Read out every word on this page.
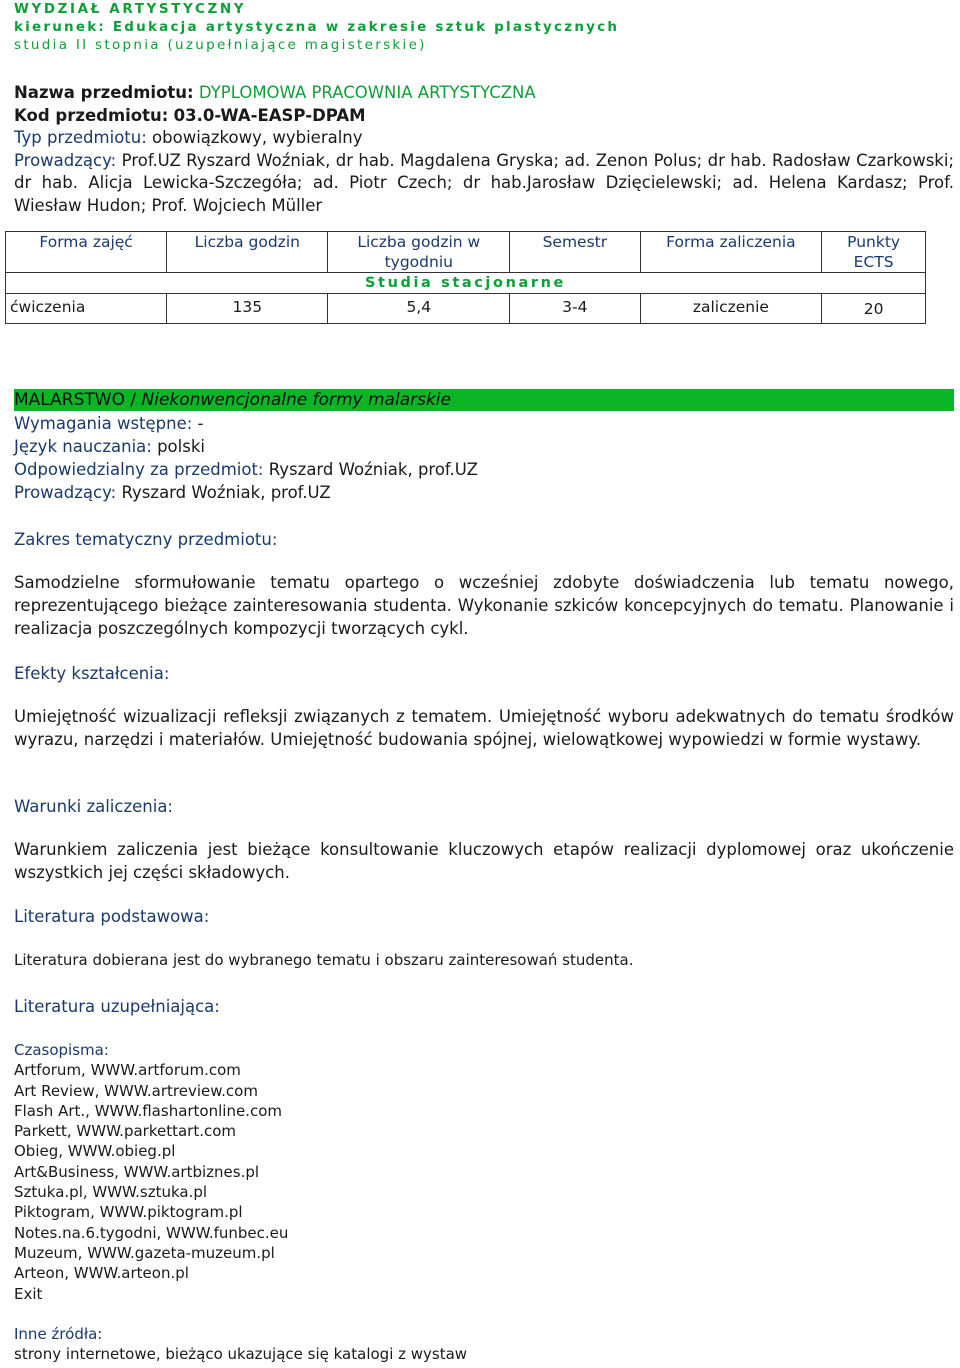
WYDZIAŁ ARTYSTYCZNY
kierunek: Edukacja artystyczna w zakresie sztuk plastycznych
studia II stopnia (uzupełniające magisterskie)
Nazwa przedmiotu: DYPLOMOWA PRACOWNIA ARTYSTYCZNA
Kod przedmiotu: 03.0-WA-EASP-DPAM
Typ przedmiotu: obowiązkowy, wybieralny
Prowadzący: Prof.UZ Ryszard Woźniak, dr hab. Magdalena Gryska; ad. Zenon Polus; dr hab. Radosław Czarkowski; dr hab. Alicja Lewicka-Szczegóła; ad. Piotr Czech; dr hab.Jarosław Dzięcielewski; ad. Helena Kardasz; Prof. Wiesław Hudon; Prof. Wojciech Müller
Forma zajęć	Liczba godzin	Liczba godzin w tygodniu	Semestr	Forma zaliczenia	Punkty ECTS
Studia stacjonarne					
ćwiczenia	135	5,4	3-4	zaliczenie	20
MALARSTWO / Niekonwencjonalne formy malarskie
Wymagania wstępne: -
Język nauczania: polski
Odpowiedzialny za przedmiot: Ryszard Woźniak, prof.UZ
Prowadzący: Ryszard Woźniak, prof.UZ
Zakres tematyczny przedmiotu:

Samodzielne sformułowanie tematu opartego o wcześniej zdobyte doświadczenia lub tematu nowego, reprezentującego bieżące zainteresowania studenta. Wykonanie szkiców koncepcyjnych do tematu. Planowanie i realizacja poszczególnych kompozycji tworzących cykl.

Efekty kształcenia:

Umiejętność wizualizacji refleksji związanych z tematem. Umiejętność wyboru adekwatnych do tematu środków wyrazu, narzędzi i materiałów. Umiejętność budowania spójnej, wielowątkowej wypowiedzi w formie wystawy.

Warunki zaliczenia:

Warunkiem zaliczenia jest bieżące konsultowanie kluczowych etapów realizacji dyplomowej oraz ukończenie wszystkich jej części składowych.

Literatura podstawowa:

Literatura dobierana jest do wybranego tematu i obszaru zainteresowań studenta.

Literatura uzupełniająca:
Czasopisma:
Artforum, WWW.artforum.com
Art Review, WWW.artreview.com
Flash Art., WWW.flashartonline.com
Parkett, WWW.parkettart.com
Obieg, WWW.obieg.pl
Art&Business, WWW.artbiznes.pl
Sztuka.pl, WWW.sztuka.pl
Piktogram, WWW.piktogram.pl
Notes.na.6.tygodni, WWW.funbec.eu
Muzeum, WWW.gazeta-muzeum.pl
Arteon, WWW.arteon.pl
Exit
Inne źródła:
strony internetowe, bieżąco ukazujące się katalogi z wystaw
